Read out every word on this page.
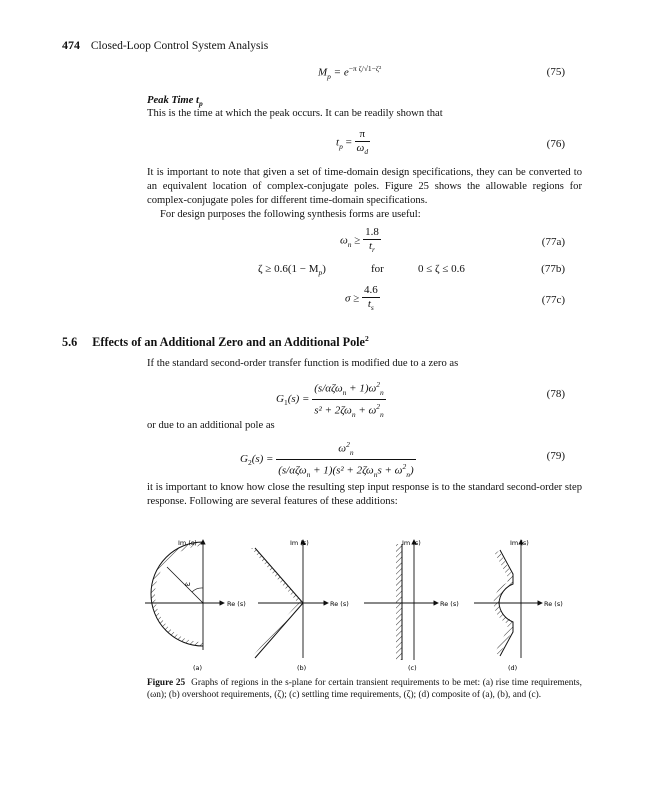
474 Closed-Loop Control System Analysis
$M_p = e^{-\pi \zeta/√1-\zeta^2}$	(75)
Peak Time $t_p$
This is the time at which the peak occurs. It can be readily shown that
$t_p = \frac{\pi}{\omega_d}$	(76)
It is important to note that given a set of time-domain design specifications, they can be converted to an equivalent location of complex-conjugate poles. Figure 25 shows the allowable regions for complex-conjugate poles for different time-domain specifications.
For design purposes the following synthesis forms are useful:
$\omega_n \ge \frac{1.8}{t_r}$	(77a)
$\zeta \ge 0.6(1 - M_p)$	for	0 ≤ ζ ≤ 0.6	(77b)
$\sigma \ge \frac{4.6}{t_s}$	(77c)
5.6 Effects of an Additional Zero and an Additional Pole$^2$
If the standard second-order transfer function is modified due to a zero as
$G_1(s) = \frac{(s/\alpha\zeta\omega_n + 1)\omega^2_n}{s^2 + 2\zeta\omega_n + \omega^2_n}$	(78)
or due to an additional pole as
$G_2(s) = \frac{\omega^2_n}{(s/\alpha\zeta\omega_n + 1)(s^2 + 2\zeta\omega_ns + \omega^2_n)}$	(79)
it is important to know how close the resulting step input response is to the standard second-order step response. Following are several features of these additions:
Im (s)
Re (s)
ω
(a)
Im (s)
Re (s)
(b)
Im (s)
Re (s)
(c)
Im (s)
Re (s)
(d)
Figure 25 Graphs of regions in the s-plane for certain transient requirements to be met: (a) rise time requirements, (ωn); (b) overshoot requirements, (ζ); (c) settling time requirements, (ζ); (d) composite of (a), (b), and (c).
